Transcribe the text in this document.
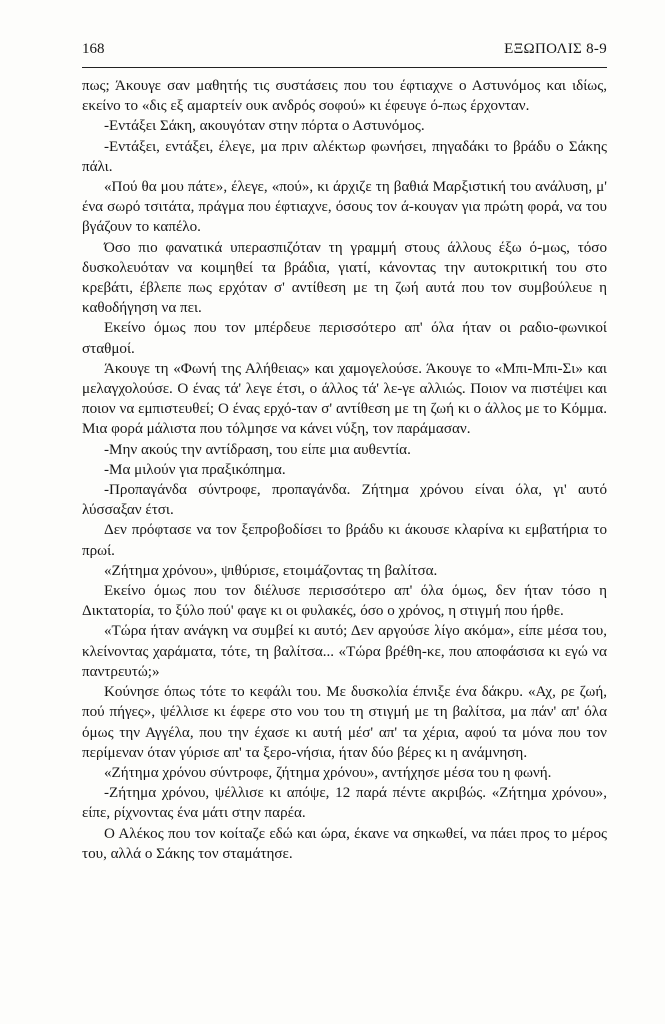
168	ΕΞΩΠΟΛΙΣ 8-9

πως; Άκουγε σαν μαθητής τις συστάσεις που του έφτιαχνε ο Αστυνόμος και ιδίως, εκείνο το «δις εξ αμαρτείν ουκ ανδρός σοφού» κι έφευγε ό-πως έρχονταν.

-Εντάξει Σάκη, ακουγόταν στην πόρτα ο Αστυνόμος.

-Εντάξει, εντάξει, έλεγε, μα πριν αλέκτωρ φωνήσει, πηγαδάκι το βράδυ ο Σάκης πάλι.

«Πού θα μου πάτε», έλεγε, «πού», κι άρχιζε τη βαθιά Μαρξιστική του ανάλυση, μ' ένα σωρό τσιτάτα, πράγμα που έφτιαχνε, όσους τον ά-κουγαν για πρώτη φορά, να του βγάζουν το καπέλο.

Όσο πιο φανατικά υπερασπιζόταν τη γραμμή στους άλλους έξω ό-μως, τόσο δυσκολευόταν να κοιμηθεί τα βράδια, γιατί, κάνοντας την αυτοκριτική του στο κρεβάτι, έβλεπε πως ερχόταν σ' αντίθεση με τη ζωή αυτά που τον συμβούλευε η καθοδήγηση να πει.

Εκείνο όμως που τον μπέρδευε περισσότερο απ' όλα ήταν οι ραδιο-φωνικοί σταθμοί.

Άκουγε τη «Φωνή της Αλήθειας» και χαμογελούσε. Άκουγε το «Μπι-Μπι-Σι» και μελαγχολούσε. Ο ένας τά' λεγε έτσι, ο άλλος τά' λε-γε αλλιώς. Ποιον να πιστέψει και ποιον να εμπιστευθεί; Ο ένας ερχό-ταν σ' αντίθεση με τη ζωή κι ο άλλος με το Κόμμα. Μια φορά μάλιστα που τόλμησε να κάνει νύξη, τον παράμασαν.

-Μην ακούς την αντίδραση, του είπε μια αυθεντία.

-Μα μιλούν για πραξικόπημα.

-Προπαγάνδα σύντροφε, προπαγάνδα. Ζήτημα χρόνου είναι όλα, γι' αυτό λύσσαξαν έτσι.

Δεν πρόφτασε να τον ξεπροβοδίσει το βράδυ κι άκουσε κλαρίνα κι εμβατήρια το πρωί.

«Ζήτημα χρόνου», ψιθύρισε, ετοιμάζοντας τη βαλίτσα.

Εκείνο όμως που τον διέλυσε περισσότερο απ' όλα όμως, δεν ήταν τόσο η Δικτατορία, το ξύλο πού' φαγε κι οι φυλακές, όσο ο χρόνος, η στιγμή που ήρθε.

«Τώρα ήταν ανάγκη να συμβεί κι αυτό; Δεν αργούσε λίγο ακόμα», είπε μέσα του, κλείνοντας χαράματα, τότε, τη βαλίτσα... «Τώρα βρέθη-κε, που αποφάσισα κι εγώ να παντρευτώ;»

Κούνησε όπως τότε το κεφάλι του. Με δυσκολία έπνιξε ένα δάκρυ. «Αχ, ρε ζωή, πού πήγες», ψέλλισε κι έφερε στο νου του τη στιγμή με τη βαλίτσα, μα πάν' απ' όλα όμως την Αγγέλα, που την έχασε κι αυτή μέσ' απ' τα χέρια, αφού τα μόνα που τον περίμεναν όταν γύρισε απ' τα ξερο-νήσια, ήταν δύο βέρες κι η ανάμνηση.

«Ζήτημα χρόνου σύντροφε, ζήτημα χρόνου», αντήχησε μέσα του η φωνή.

-Ζήτημα χρόνου, ψέλλισε κι απόψε, 12 παρά πέντε ακριβώς. «Ζήτημα χρόνου», είπε, ρίχνοντας ένα μάτι στην παρέα.

Ο Αλέκος που τον κοίταζε εδώ και ώρα, έκανε να σηκωθεί, να πάει προς το μέρος του, αλλά ο Σάκης τον σταμάτησε.
